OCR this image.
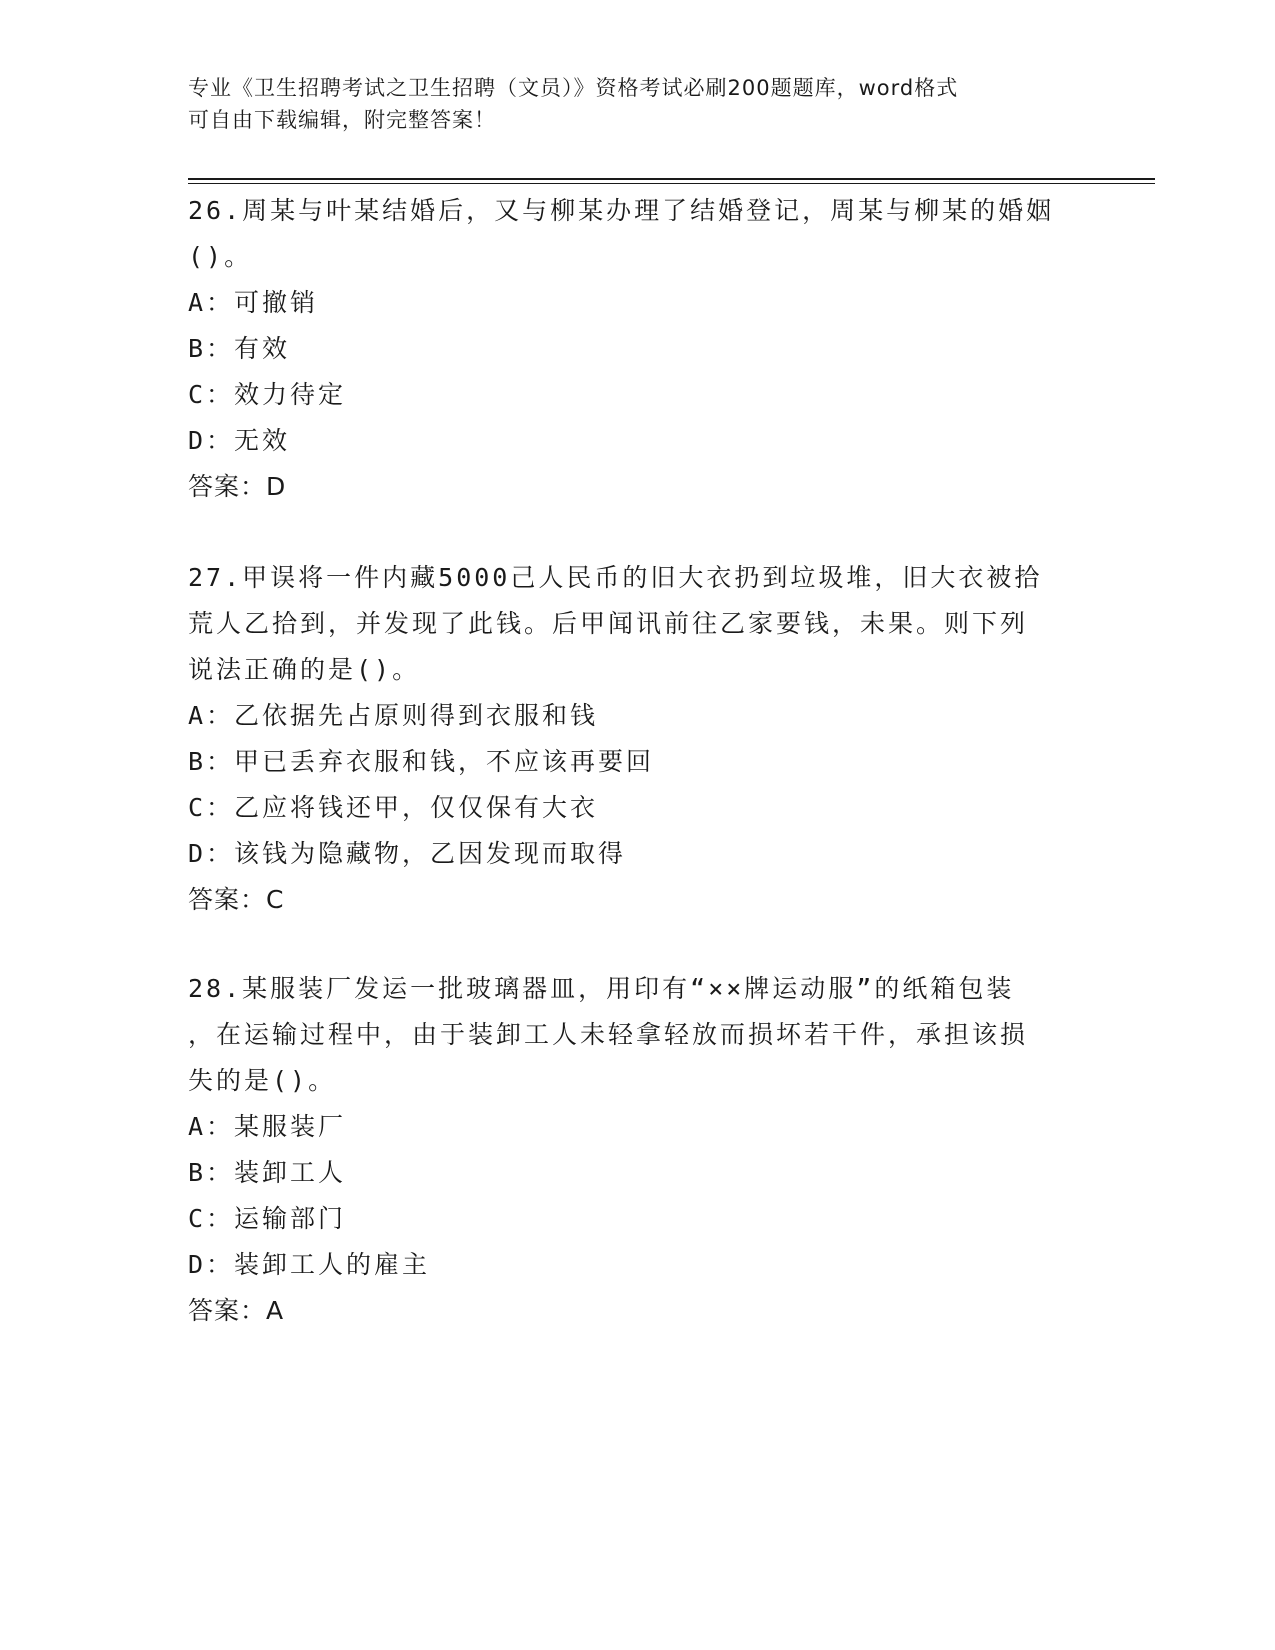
专业《卫生招聘考试之卫生招聘（文员）》资格考试必刷200题题库，word格式
可自由下载编辑，附完整答案！
26.周某与叶某结婚后，又与柳某办理了结婚登记，周某与柳某的婚姻
()。
A：可撤销
B：有效
C：效力待定
D：无效
答案：D
27.甲误将一件内藏5000己人民币的旧大衣扔到垃圾堆，旧大衣被拾
荒人乙拾到，并发现了此钱。后甲闻讯前往乙家要钱，未果。则下列
说法正确的是()。
A：乙依据先占原则得到衣服和钱
B：甲已丢弃衣服和钱，不应该再要回
C：乙应将钱还甲，仅仅保有大衣
D：该钱为隐藏物，乙因发现而取得
答案：C
28.某服装厂发运一批玻璃器皿，用印有“××牌运动服”的纸箱包装
，在运输过程中，由于装卸工人未轻拿轻放而损坏若干件，承担该损
失的是()。
A：某服装厂
B：装卸工人
C：运输部门
D：装卸工人的雇主
答案：A
